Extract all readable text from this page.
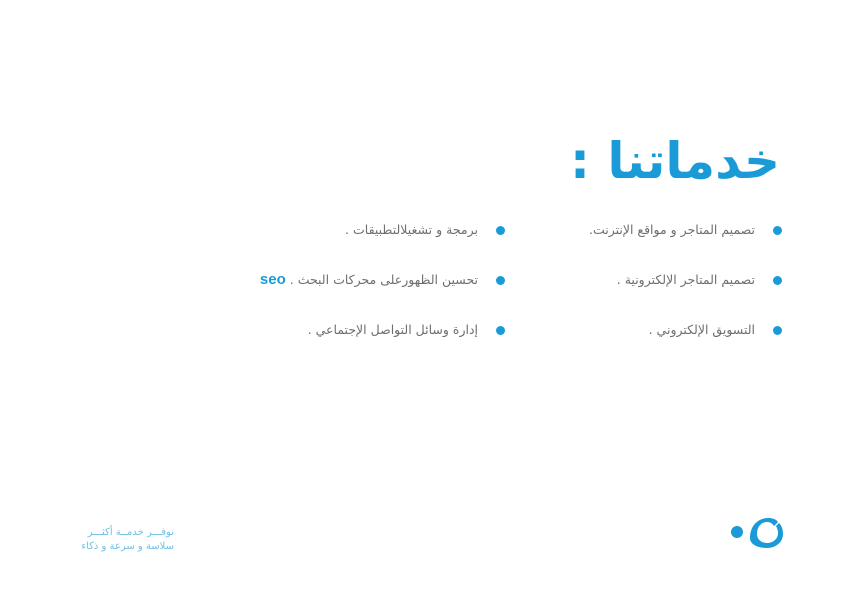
خدماتنا :
تصميم المتاجر و مواقع الإنترنت.
تصميم المتاجر الإلكترونية .
التسويق الإلكتروني .
برمجة و تشغيلالتطبيقات .
تحسين الظهورعلى محركات البحث .
seo
إدارة وسائل التواصل الإجتماعي .
نوفـــر خدمــة أكثـــر
سلاسة و سرعة و ذكاء
